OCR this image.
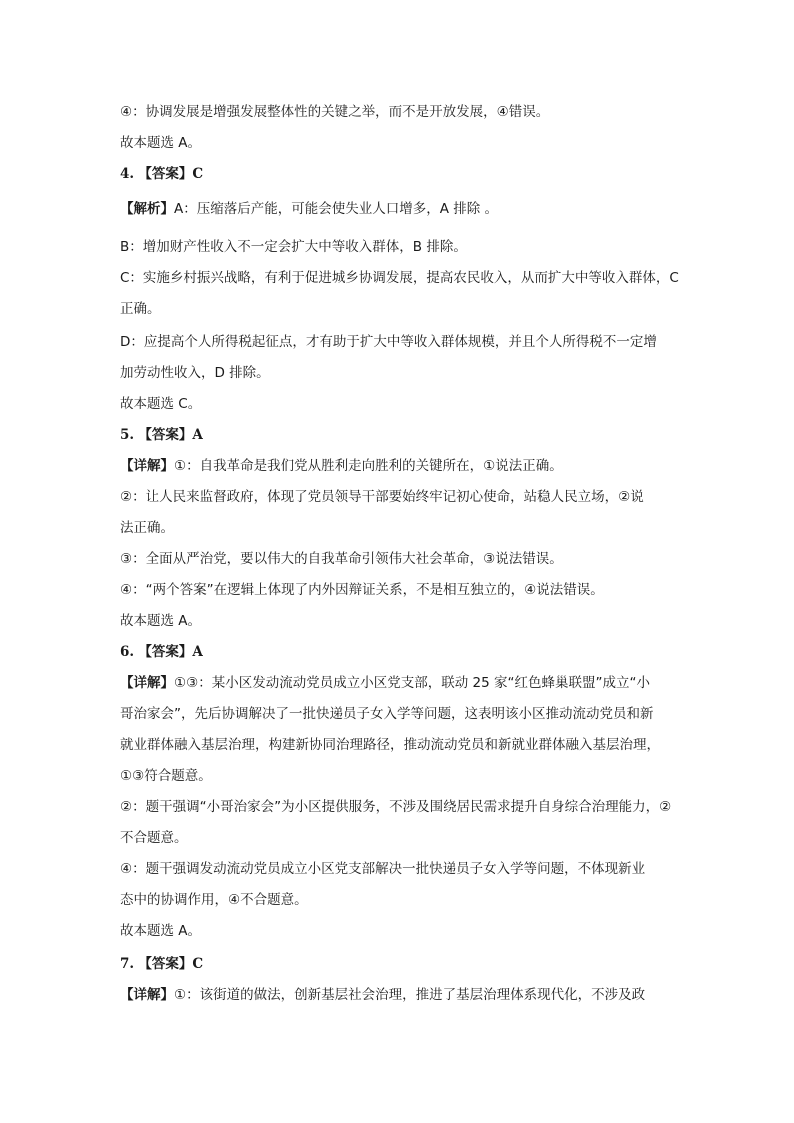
④：协调发展是增强发展整体性的关键之举，而不是开放发展，④错误。
故本题选 A。
4. 【答案】C
【解析】A：压缩落后产能，可能会使失业人口增多，A 排除 。
B：增加财产性收入不一定会扩大中等收入群体，B 排除。
C：实施乡村振兴战略，有利于促进城乡协调发展，提高农民收入，从而扩大中等收入群体，C
正确。
D：应提高个人所得税起征点，才有助于扩大中等收入群体规模，并且个人所得税不一定增
加劳动性收入，D 排除。
故本题选 C。
5. 【答案】A
【详解】①：自我革命是我们党从胜利走向胜利的关键所在，①说法正确。
②：让人民来监督政府，体现了党员领导干部要始终牢记初心使命，站稳人民立场，②说
法正确。
③：全面从严治党，要以伟大的自我革命引领伟大社会革命，③说法错误。
④：“两个答案”在逻辑上体现了内外因辩证关系，不是相互独立的，④说法错误。
故本题选 A。
6. 【答案】A
【详解】①③：某小区发动流动党员成立小区党支部，联动 25 家“红色蜂巢联盟”成立“小
哥治家会”，先后协调解决了一批快递员子女入学等问题，这表明该小区推动流动党员和新
就业群体融入基层治理，构建新协同治理路径，推动流动党员和新就业群体融入基层治理，
①③符合题意。
②：题干强调“小哥治家会”为小区提供服务，不涉及围绕居民需求提升自身综合治理能力，②
不合题意。
④：题干强调发动流动党员成立小区党支部解决一批快递员子女入学等问题，不体现新业
态中的协调作用，④不合题意。
故本题选 A。
7. 【答案】C
【详解】①：该街道的做法，创新基层社会治理，推进了基层治理体系现代化，不涉及政
